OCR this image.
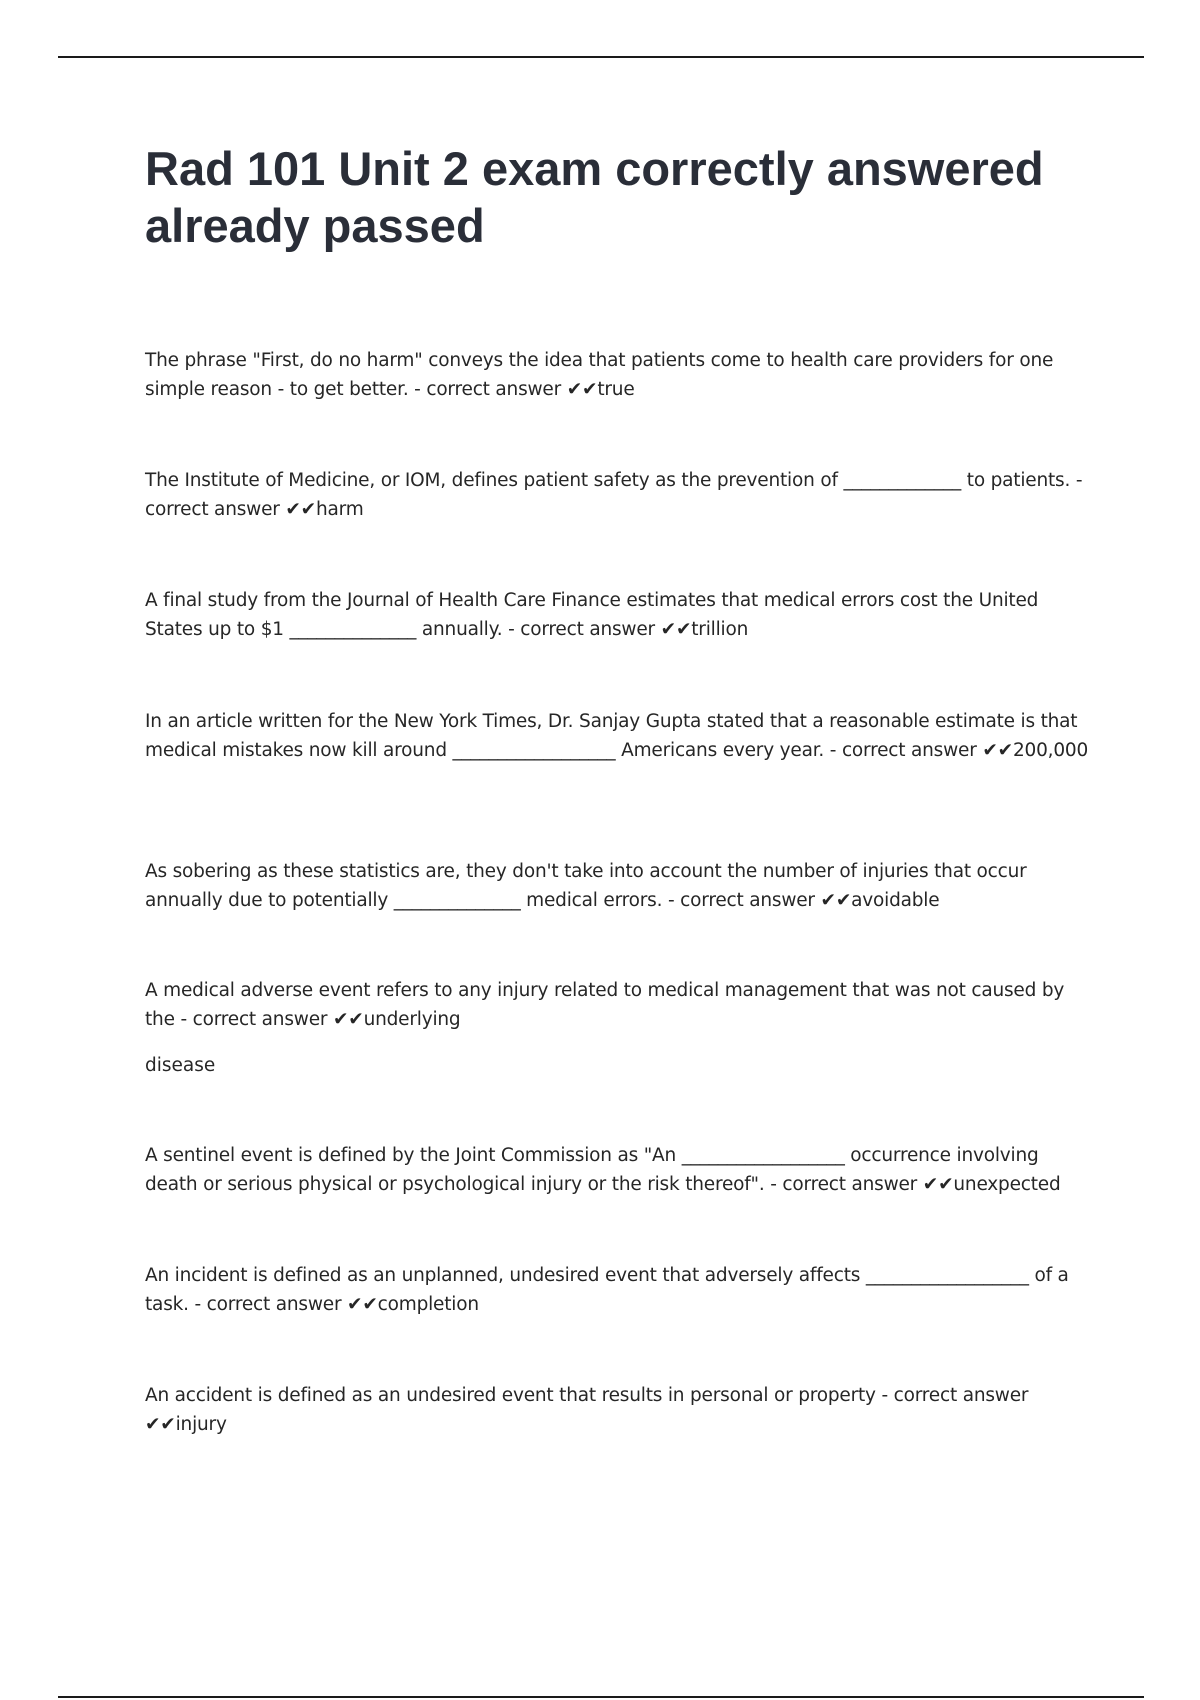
Rad 101 Unit 2 exam correctly answered already passed

The phrase "First, do no harm" conveys the idea that patients come to health care providers for one simple reason - to get better. - correct answer ✔✔true

The Institute of Medicine, or IOM, defines patient safety as the prevention of _____________ to patients. - correct answer ✔✔harm

A final study from the Journal of Health Care Finance estimates that medical errors cost the United States up to $1 ______________ annually. - correct answer ✔✔trillion

In an article written for the New York Times, Dr. Sanjay Gupta stated that a reasonable estimate is that medical mistakes now kill around __________________ Americans every year. - correct answer ✔✔200,000

As sobering as these statistics are, they don't take into account the number of injuries that occur annually due to potentially ______________ medical errors. - correct answer ✔✔avoidable

A medical adverse event refers to any injury related to medical management that was not caused by the - correct answer ✔✔underlying

disease

A sentinel event is defined by the Joint Commission as "An __________________ occurrence involving death or serious physical or psychological injury or the risk thereof". - correct answer ✔✔unexpected

An incident is defined as an unplanned, undesired event that adversely affects __________________ of a task. - correct answer ✔✔completion

An accident is defined as an undesired event that results in personal or property - correct answer ✔✔injury
